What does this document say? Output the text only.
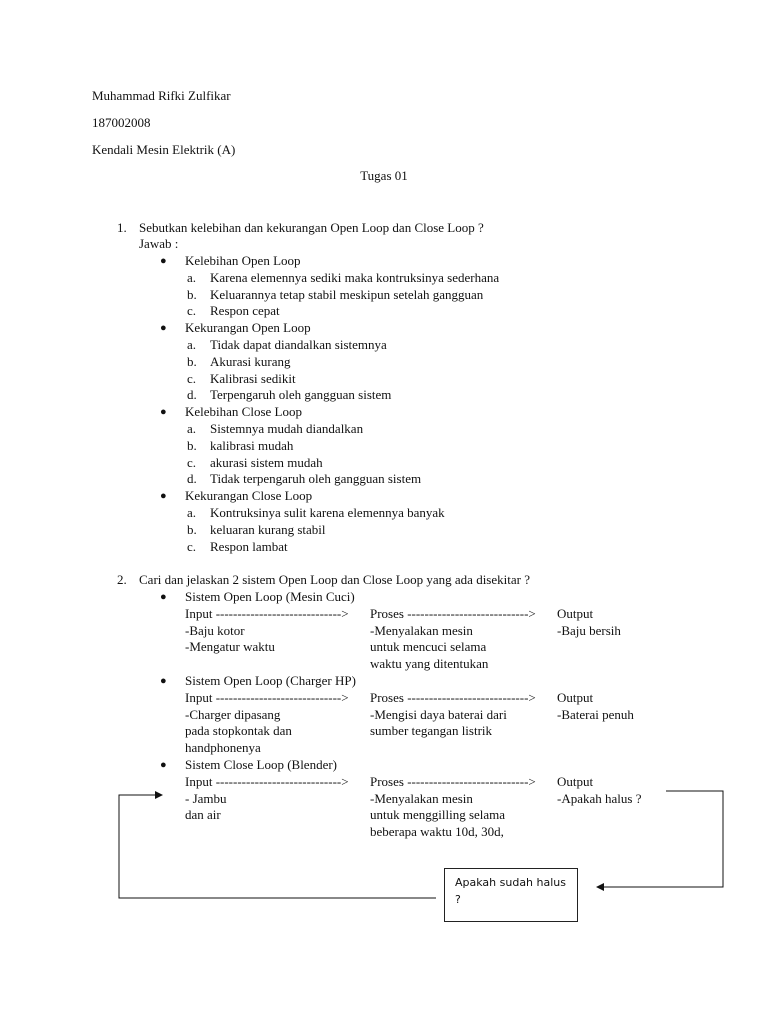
Muhammad Rifki Zulfikar
187002008
Kendali Mesin Elektrik (A)
Tugas 01
1. Sebutkan kelebihan dan kekurangan Open Loop dan Close Loop ?
Jawab :
● Kelebihan Open Loop
a. Karena elemennya sediki maka kontruksinya sederhana
b. Keluarannya tetap stabil meskipun setelah gangguan
c. Respon cepat
● Kekurangan Open Loop
a. Tidak dapat diandalkan sistemnya
b. Akurasi kurang
c. Kalibrasi sedikit
d. Terpengaruh oleh gangguan sistem
● Kelebihan Close Loop
a. Sistemnya mudah diandalkan
b. kalibrasi mudah
c. akurasi sistem mudah
d. Tidak terpengaruh oleh gangguan sistem
● Kekurangan Close Loop
a. Kontruksinya sulit karena elemennya banyak
b. keluaran kurang stabil
c. Respon lambat
2. Cari dan jelaskan 2 sistem Open Loop dan Close Loop yang ada disekitar ?
● Sistem Open Loop (Mesin Cuci)
Input -----------------------------> Proses ----------------------------> Output
-Baju kotor	-Menyalakan mesin	-Baju bersih
-Mengatur waktu	untuk mencuci selama
waktu yang ditentukan
● Sistem Open Loop (Charger HP)
Input -----------------------------> Proses ----------------------------> Output
-Charger dipasang	-Mengisi daya baterai dari	-Baterai penuh
pada stopkontak dan	sumber tegangan listrik
handphonenya
● Sistem Close Loop (Blender)
Input -----------------------------> Proses ----------------------------> Output
- Jambu	-Menyalakan mesin	-Apakah halus ?
dan air	untuk menggilling selama
beberapa waktu 10d, 30d,
Apakah sudah halus ?
